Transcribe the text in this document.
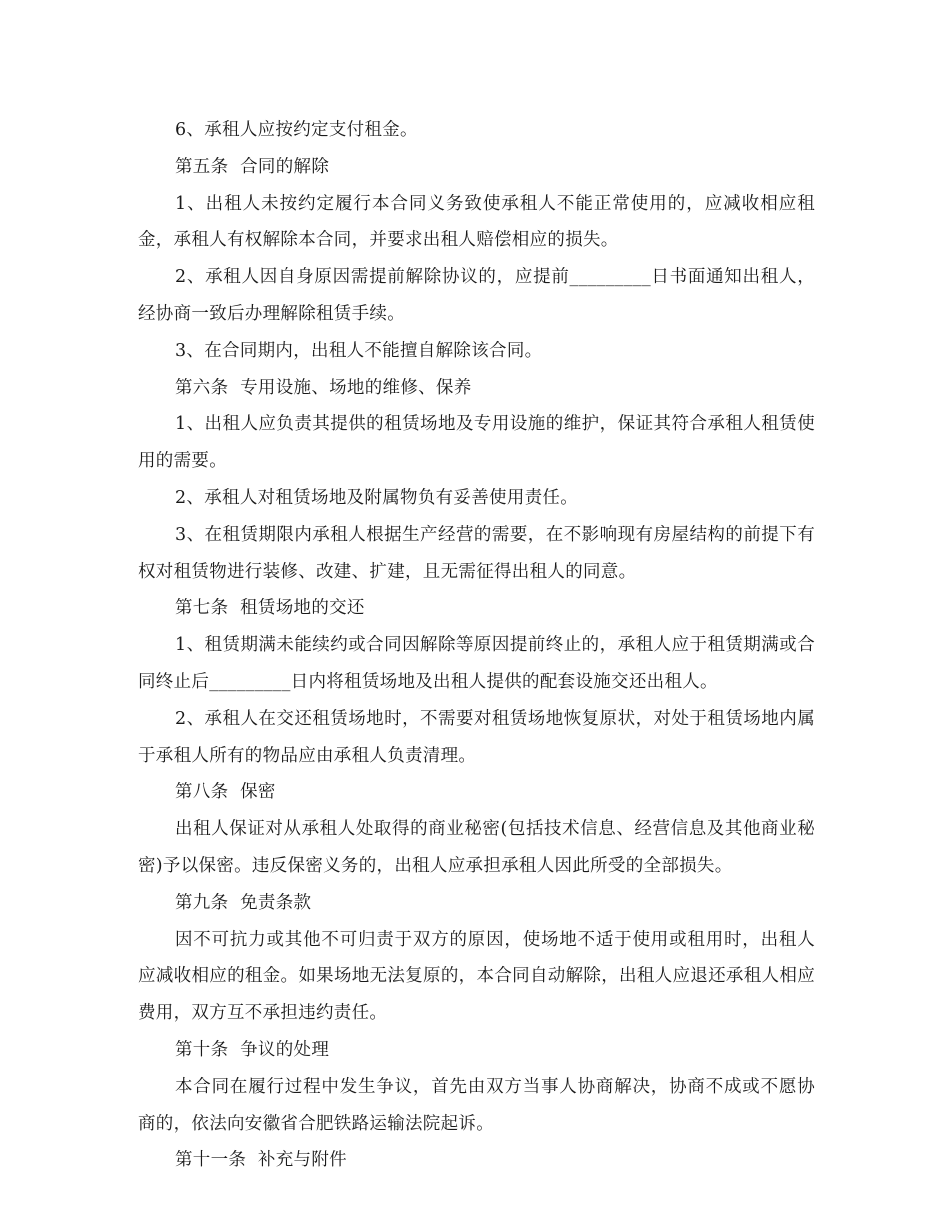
6、承租人应按约定支付租金。

第五条  合同的解除

1、出租人未按约定履行本合同义务致使承租人不能正常使用的，应减收相应租金，承租人有权解除本合同，并要求出租人赔偿相应的损失。

2、承租人因自身原因需提前解除协议的，应提前_________日书面通知出租人，经协商一致后办理解除租赁手续。

3、在合同期内，出租人不能擅自解除该合同。

第六条  专用设施、场地的维修、保养

1、出租人应负责其提供的租赁场地及专用设施的维护，保证其符合承租人租赁使用的需要。

2、承租人对租赁场地及附属物负有妥善使用责任。

3、在租赁期限内承租人根据生产经营的需要，在不影响现有房屋结构的前提下有权对租赁物进行装修、改建、扩建，且无需征得出租人的同意。

第七条  租赁场地的交还

1、租赁期满未能续约或合同因解除等原因提前终止的，承租人应于租赁期满或合同终止后_________日内将租赁场地及出租人提供的配套设施交还出租人。

2、承租人在交还租赁场地时，不需要对租赁场地恢复原状，对处于租赁场地内属于承租人所有的物品应由承租人负责清理。

第八条  保密

出租人保证对从承租人处取得的商业秘密(包括技术信息、经营信息及其他商业秘密)予以保密。违反保密义务的，出租人应承担承租人因此所受的全部损失。

第九条  免责条款

因不可抗力或其他不可归责于双方的原因，使场地不适于使用或租用时，出租人应减收相应的租金。如果场地无法复原的，本合同自动解除，出租人应退还承租人相应费用，双方互不承担违约责任。

第十条  争议的处理

本合同在履行过程中发生争议，首先由双方当事人协商解决，协商不成或不愿协商的，依法向安徽省合肥铁路运输法院起诉。

第十一条  补充与附件
